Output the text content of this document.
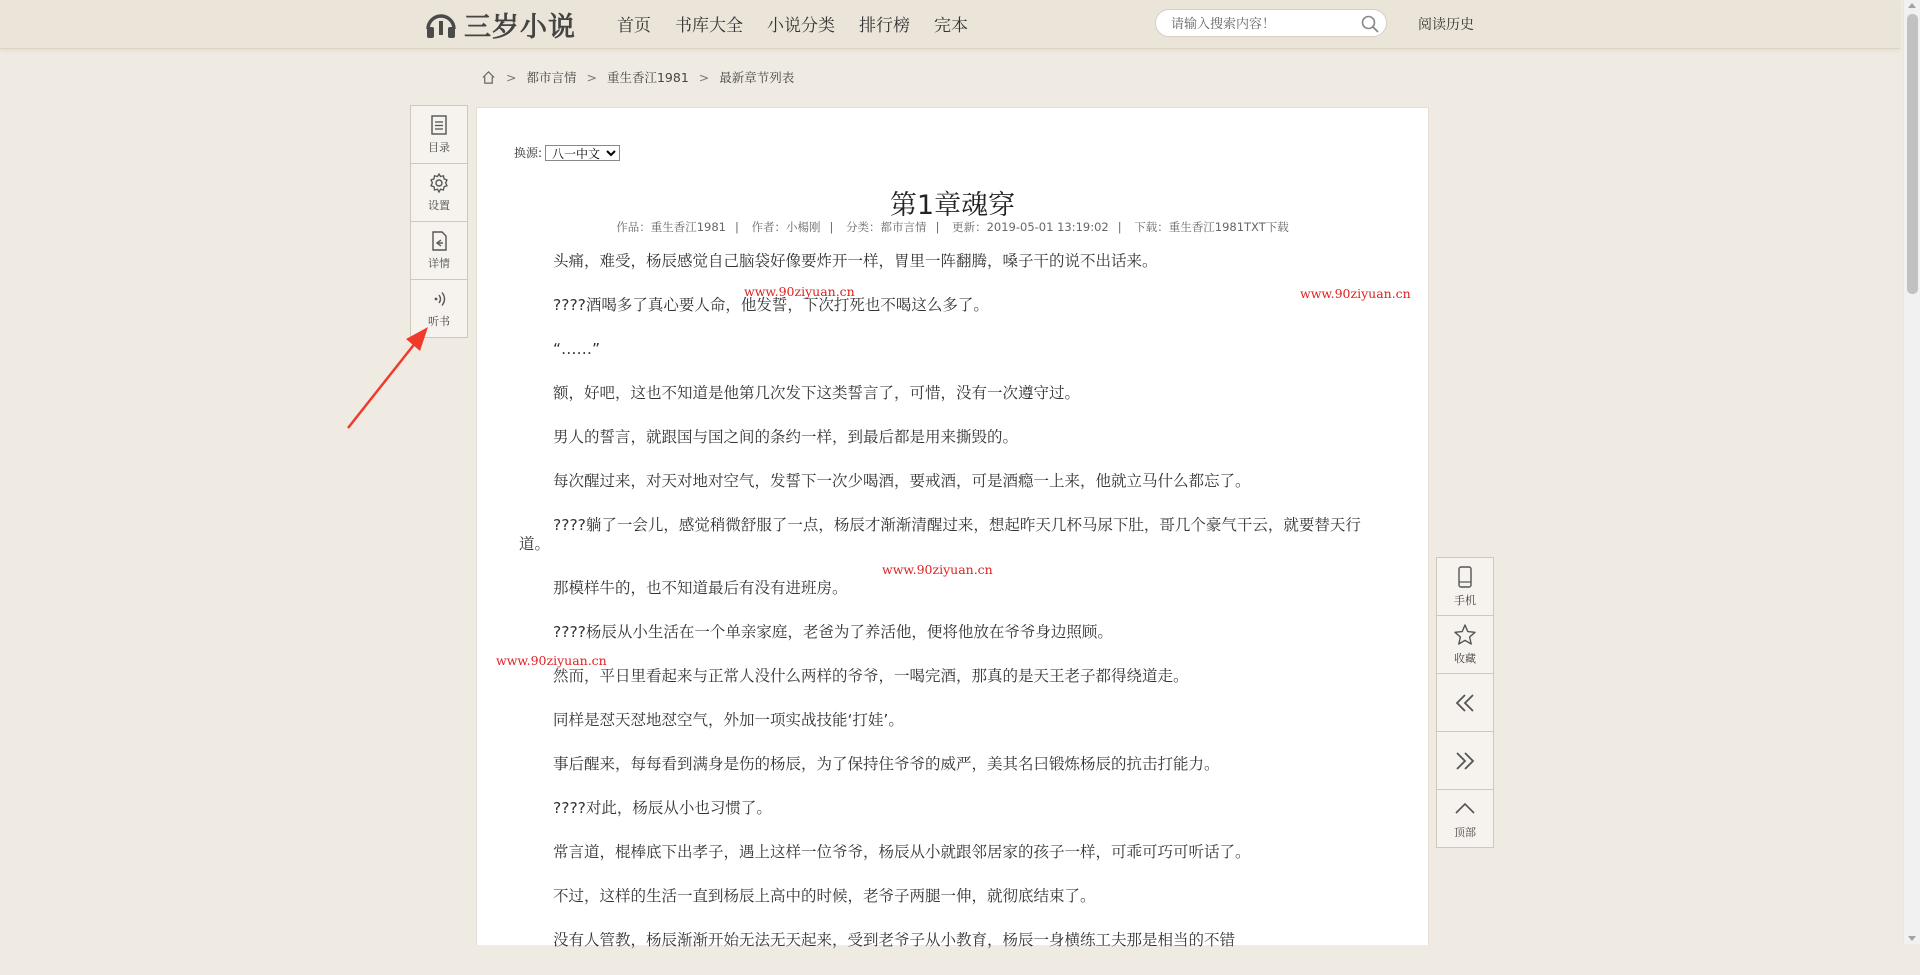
三岁小说 首页 书库大全 小说分类 排行榜 完本
请输入搜索内容！	阅读历史
> 都市言情 > 重生香江1981 > 最新章节列表
目录
设置
详情
听书
换源:
八一中文
第1章魂穿
作品：重生香江1981 | 作者：小楊刚 | 分类：都市言情 | 更新：2019-05-01 13:19:02 | 下载：重生香江1981TXT下载

头痛，难受，杨辰感觉自己脑袋好像要炸开一样，胃里一阵翻腾，嗓子干的说不出话来。

????酒喝多了真心要人命，他发誓，下次打死也不喝这么多了。

“……”

额，好吧，这也不知道是他第几次发下这类誓言了，可惜，没有一次遵守过。

男人的誓言，就跟国与国之间的条约一样，到最后都是用来撕毁的。

每次醒过来，对天对地对空气，发誓下一次少喝酒，要戒酒，可是酒瘾一上来，他就立马什么都忘了。

????躺了一会儿，感觉稍微舒服了一点，杨辰才渐渐清醒过来，想起昨天几杯马尿下肚，哥几个豪气干云，就要替天行道。

那模样牛的，也不知道最后有没有进班房。

????杨辰从小生活在一个单亲家庭，老爸为了养活他，便将他放在爷爷身边照顾。

然而，平日里看起来与正常人没什么两样的爷爷，一喝完酒，那真的是天王老子都得绕道走。

同样是怼天怼地怼空气，外加一项实战技能‘打娃’。

事后醒来，每每看到满身是伤的杨辰，为了保持住爷爷的威严，美其名曰锻炼杨辰的抗击打能力。

????对此，杨辰从小也习惯了。

常言道，棍棒底下出孝子，遇上这样一位爷爷，杨辰从小就跟邻居家的孩子一样，可乖可巧可听话了。

不过，这样的生活一直到杨辰上高中的时候，老爷子两腿一伸，就彻底结束了。

没有人管教，杨辰渐渐开始无法无天起来，受到老爷子从小教育，杨辰一身横练工夫那是相当的不错

www.90ziyuan.cn	www.90ziyuan.cn
www.90ziyuan.cn
www.90ziyuan.cn
手机
收藏
顶部
